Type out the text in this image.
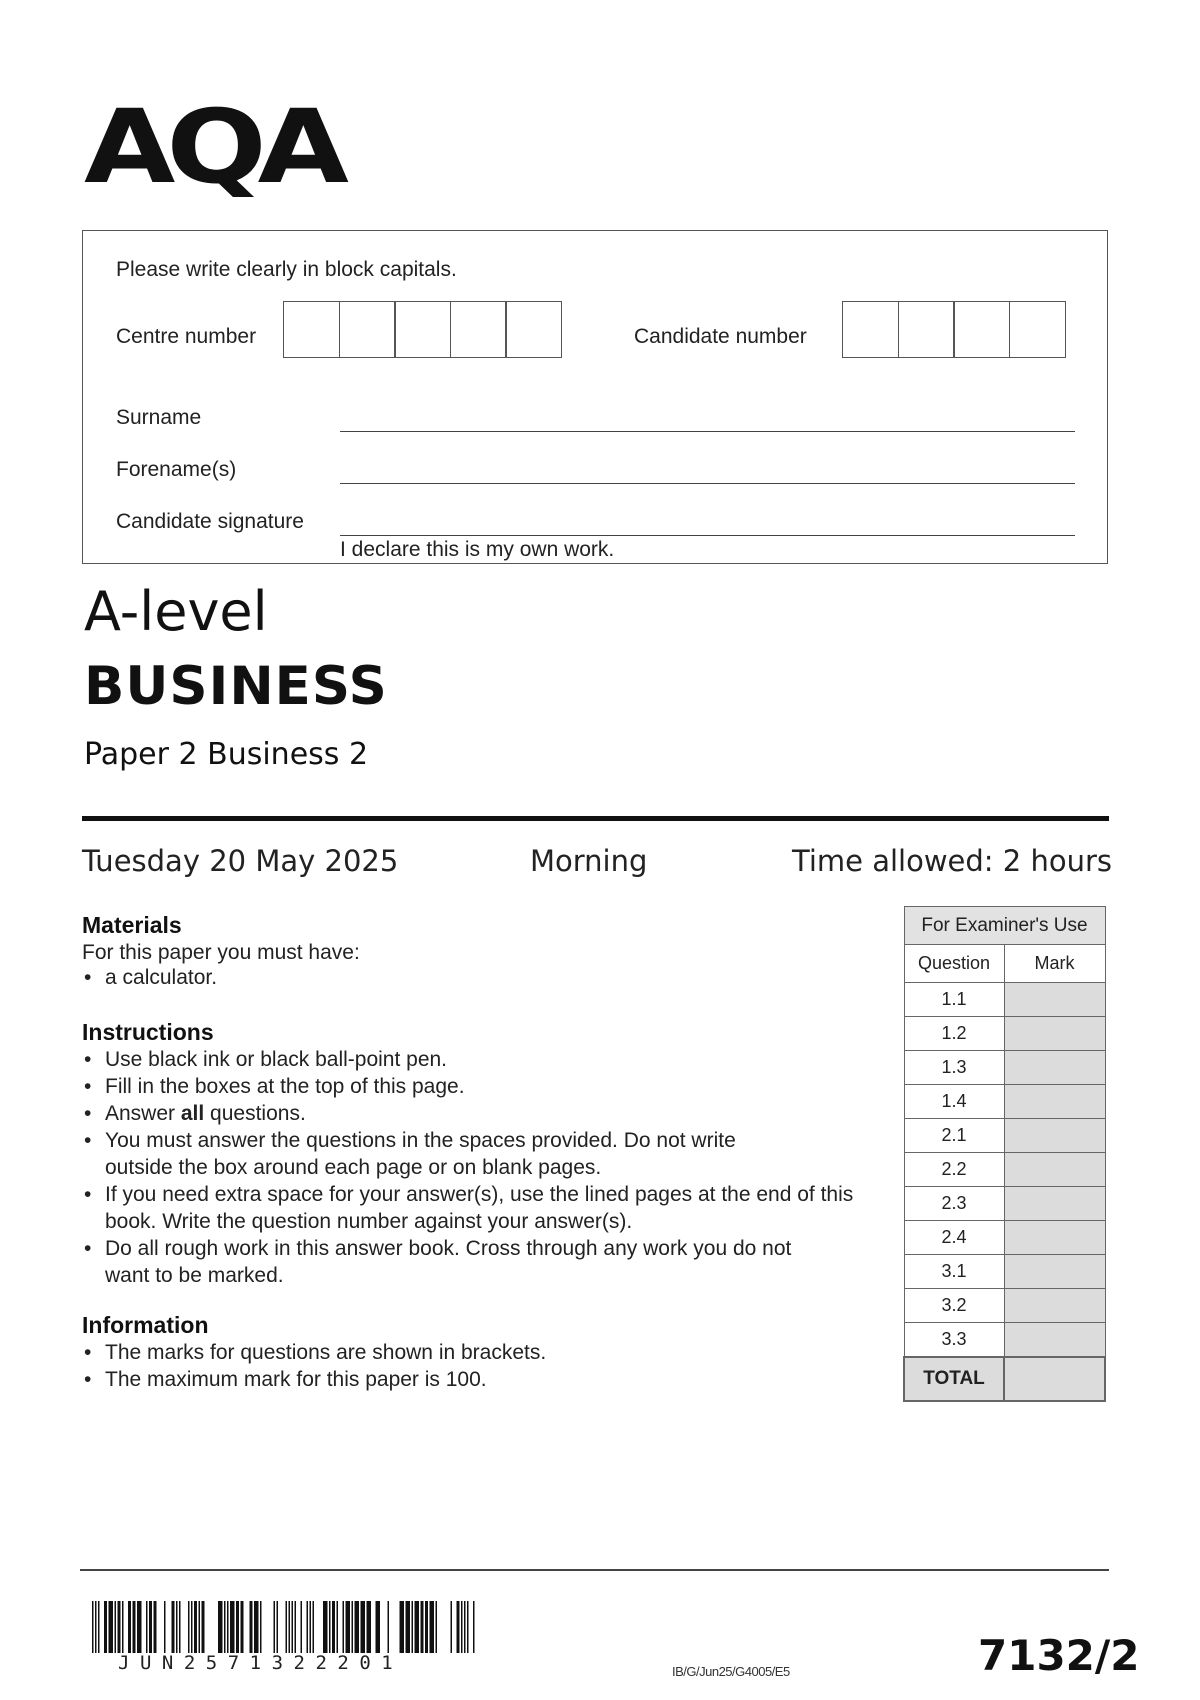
AQA
Please write clearly in block capitals.
Centre number	Candidate number
Surname
Forename(s)
Candidate signature
I declare this is my own work.
A-level
BUSINESS
Paper 2 Business 2
Tuesday 20 May 2025	Morning	Time allowed: 2 hours
Materials
For this paper you must have:
• a calculator.
Instructions
• Use black ink or black ball-point pen.
• Fill in the boxes at the top of this page.
• Answer all questions.
• You must answer the questions in the spaces provided. Do not write outside the box around each page or on blank pages.
• If you need extra space for your answer(s), use the lined pages at the end of this book. Write the question number against your answer(s).
• Do all rough work in this answer book. Cross through any work you do not want to be marked.
Information
• The marks for questions are shown in brackets.
• The maximum mark for this paper is 100.
For Examiner's Use	
Question	Mark
1.1	
1.2	
1.3	
1.4	
2.1	
2.2	
2.3	
2.4	
3.1	
3.2	
3.3	
TOTAL	
JUN2571322201	IB/G/Jun25/G4005/E5	7132/2
